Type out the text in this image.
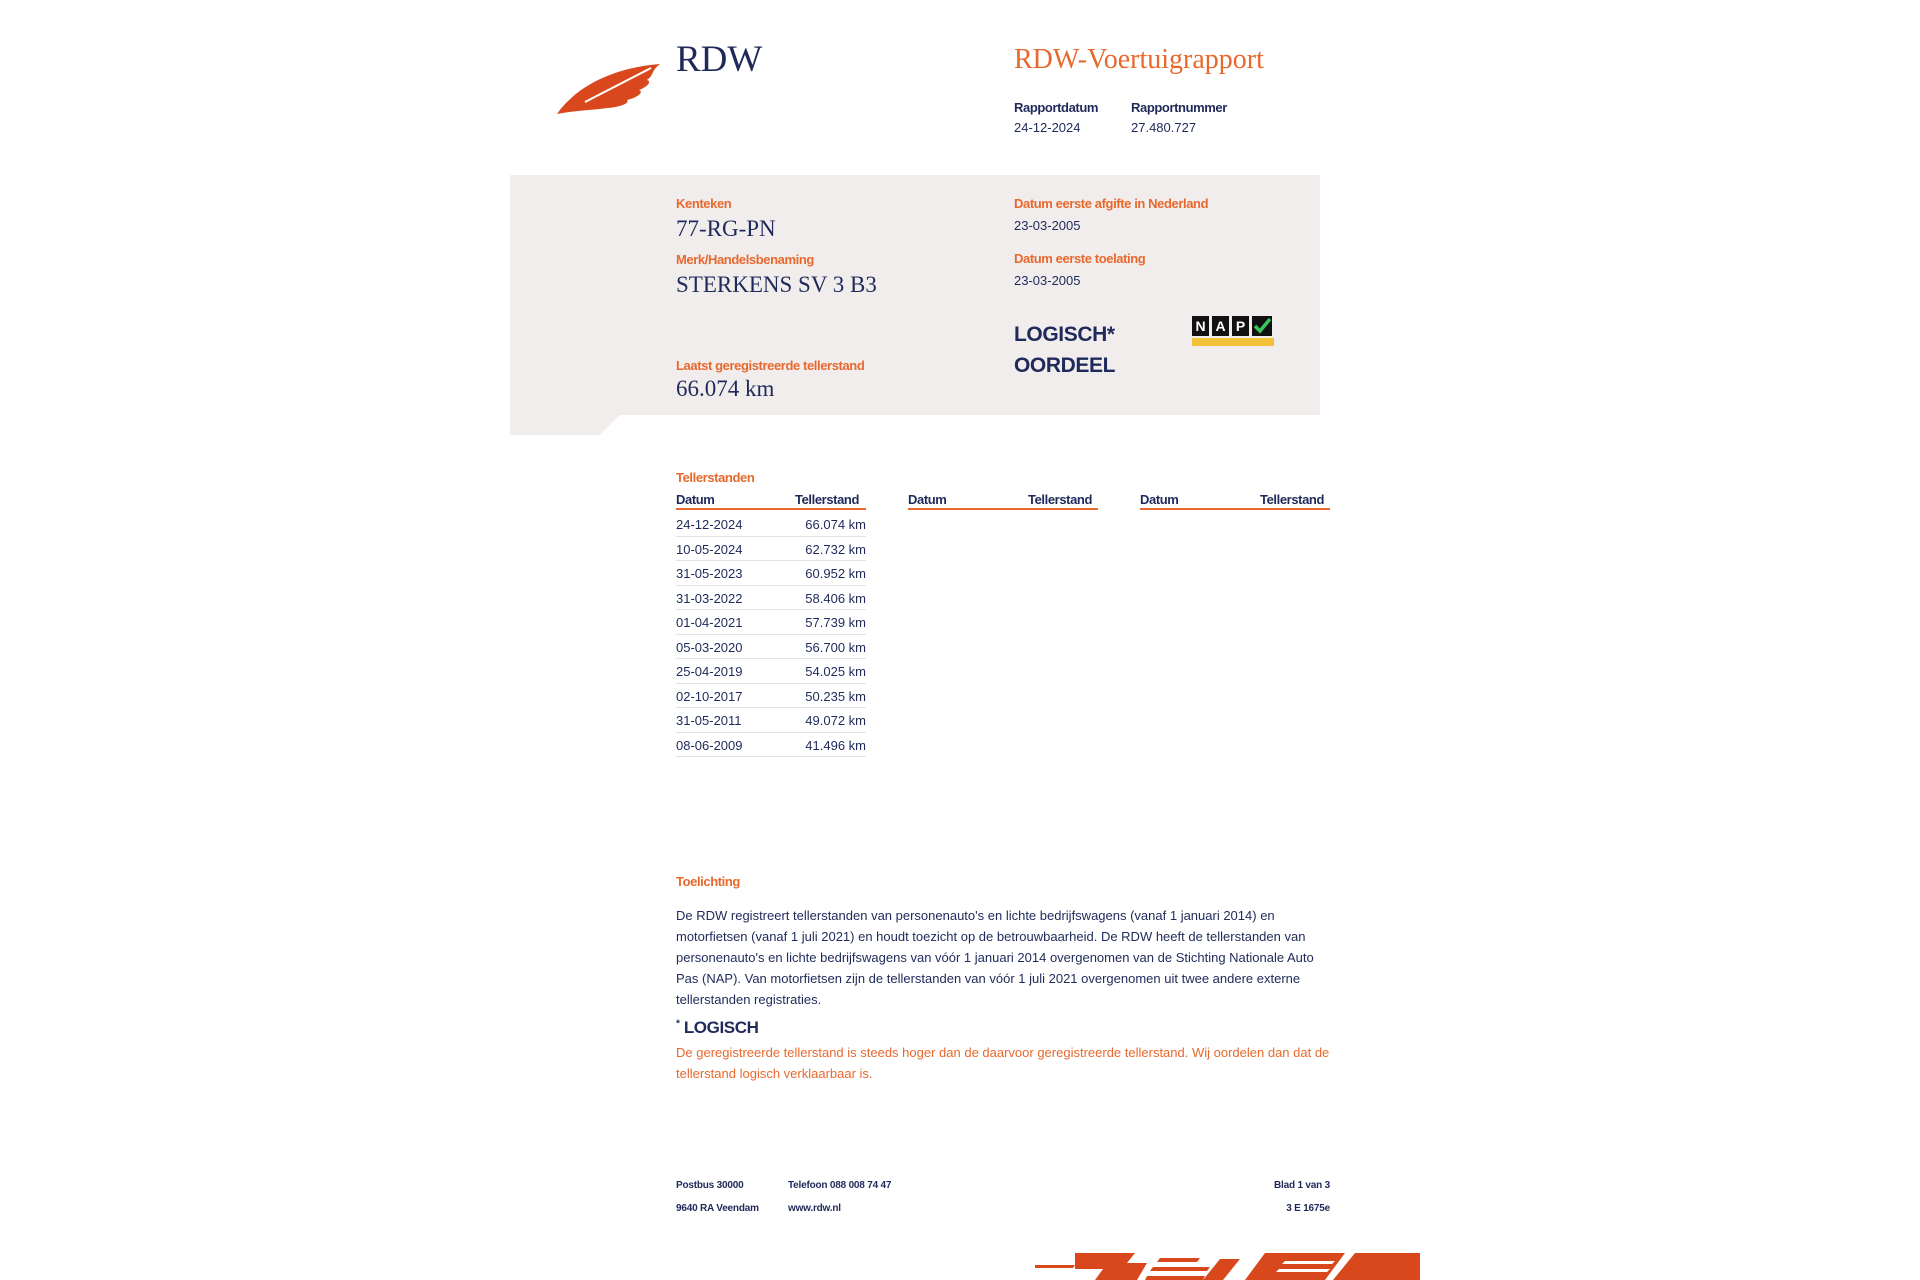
RDW	RDW-Voertuigrapport
Rapportdatum
24-12-2024
Rapportnummer
27.480.727
Kenteken
77-RG-PN
Merk/Handelsbenaming
STERKENS SV 3 B3
Laatst geregistreerde tellerstand
66.074 km
Datum eerste afgifte in Nederland
23-03-2005
Datum eerste toelating
23-03-2005
LOGISCH*
OORDEEL
N A P
Tellerstanden
Datum	Tellerstand	Datum	Tellerstand	Datum	Tellerstand
24-12-2024	66.074 km
10-05-2024	62.732 km
31-05-2023	60.952 km
31-03-2022	58.406 km
01-04-2021	57.739 km
05-03-2020	56.700 km
25-04-2019	54.025 km
02-10-2017	50.235 km
31-05-2011	49.072 km
08-06-2009	41.496 km
Toelichting
De RDW registreert tellerstanden van personenauto's en lichte bedrijfswagens (vanaf 1 januari 2014) en motorfietsen (vanaf 1 juli 2021) en houdt toezicht op de betrouwbaarheid. De RDW heeft de tellerstanden van personenauto's en lichte bedrijfswagens van vóór 1 januari 2014 overgenomen van de Stichting Nationale Auto Pas (NAP). Van motorfietsen zijn de tellerstanden van vóór 1 juli 2021 overgenomen uit twee andere externe tellerstanden registraties.
* LOGISCH
De geregistreerde tellerstand is steeds hoger dan de daarvoor geregistreerde tellerstand. Wij oordelen dan dat de tellerstand logisch verklaarbaar is.
Postbus 30000
9640 RA Veendam
Telefoon 088 008 74 47
www.rdw.nl
Blad 1 van 3
3 E 1675e
